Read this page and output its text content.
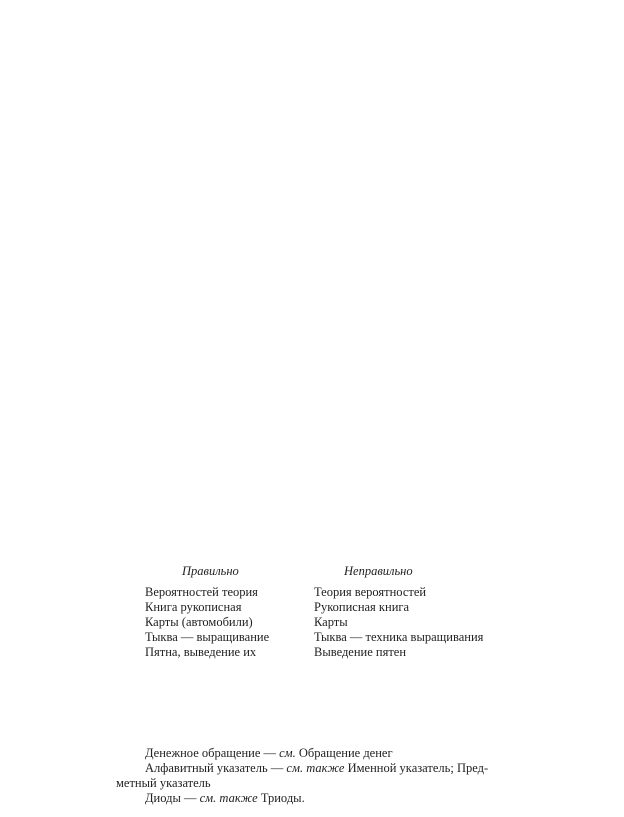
Правильно	Неправильно
Вероятностей теория
Книга рукописная
Карты (автомобили)
Тыква — выращивание
Пятна, выведение их
Теория вероятностей
Рукописная книга
Карты
Тыква — техника выращивания
Выведение пятен
Денежное обращение — см. Обращение денег
Алфавитный указатель — см. также Именной указатель; Пред-
метный указатель
Диоды — см. также Триоды.
